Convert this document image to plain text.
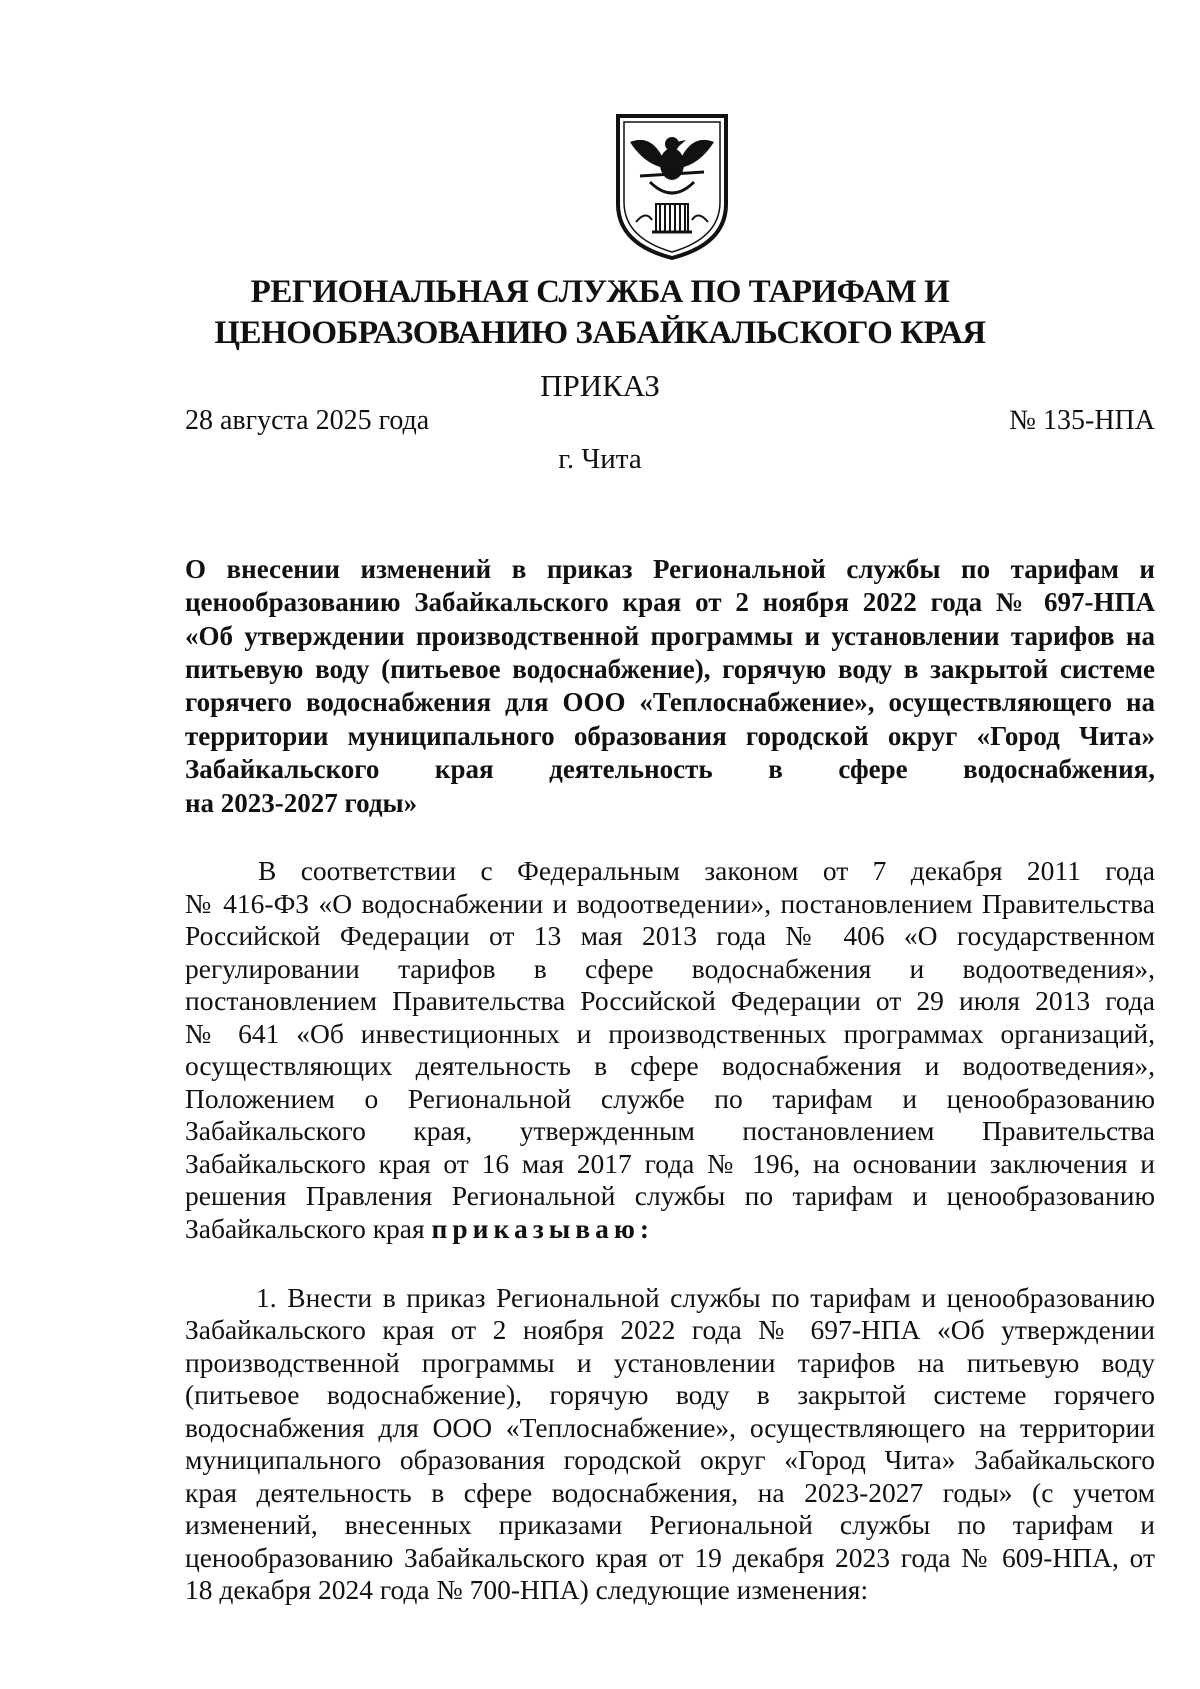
РЕГИОНАЛЬНАЯ СЛУЖБА ПО ТАРИФАМ И
ЦЕНООБРАЗОВАНИЮ ЗАБАЙКАЛЬСКОГО КРАЯ
ПРИКАЗ
28 августа 2025 года	№ 135-НПА
г. Чита
О внесении изменений в приказ Региональной службы по тарифам и
ценообразованию Забайкальского края от 2 ноября 2022 года № 697-НПА
«Об утверждении производственной программы и установлении тарифов на
питьевую воду (питьевое водоснабжение), горячую воду в закрытой системе
горячего водоснабжения для ООО «Теплоснабжение», осуществляющего на
территории муниципального образования городской округ «Город Чита»
Забайкальского края деятельность в сфере водоснабжения,
на 2023-2027 годы»
В соответствии с Федеральным законом от 7 декабря 2011 года
№ 416-ФЗ «О водоснабжении и водоотведении», постановлением Правительства
Российской Федерации от 13 мая 2013 года № 406 «О государственном
регулировании тарифов в сфере водоснабжения и водоотведения»,
постановлением Правительства Российской Федерации от 29 июля 2013 года
№ 641 «Об инвестиционных и производственных программах организаций,
осуществляющих деятельность в сфере водоснабжения и водоотведения»,
Положением о Региональной службе по тарифам и ценообразованию
Забайкальского края, утвержденным постановлением Правительства
Забайкальского края от 16 мая 2017 года № 196, на основании заключения и
решения Правления Региональной службы по тарифам и ценообразованию
Забайкальского края приказываю:
1. Внести в приказ Региональной службы по тарифам и ценообразованию
Забайкальского края от 2 ноября 2022 года № 697-НПА «Об утверждении
производственной программы и установлении тарифов на питьевую воду
(питьевое водоснабжение), горячую воду в закрытой системе горячего
водоснабжения для ООО «Теплоснабжение», осуществляющего на территории
муниципального образования городской округ «Город Чита» Забайкальского
края деятельность в сфере водоснабжения, на 2023-2027 годы» (с учетом
изменений, внесенных приказами Региональной службы по тарифам и
ценообразованию Забайкальского края от 19 декабря 2023 года № 609-НПА, от
18 декабря 2024 года № 700-НПА) следующие изменения:
